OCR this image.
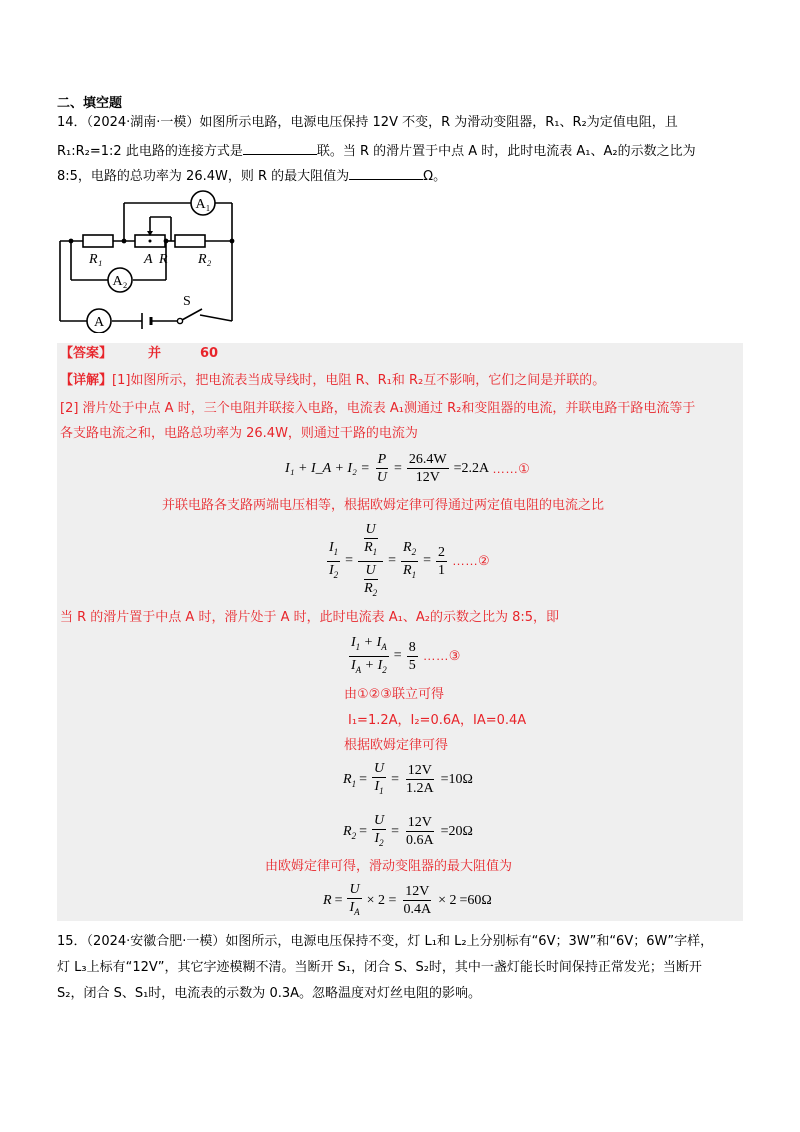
二、填空题
14．（2024·湖南·一模）如图所示电路，电源电压保持 12V 不变，R 为滑动变阻器，R₁、R₂为定值电阻，且
R₁:R₂=1:2 此电路的连接方式是	联。当 R 的滑片置于中点 A 时，此时电流表 A₁、A₂的示数之比为
8:5，电路的总功率为 26.4W，则 R 的最大阻值为	Ω。
A₁
A₂
A
R₁	A R R₂
S
【答案】	并	60
【详解】[1]如图所示，把电流表当成导线时，电阻 R、R₁和 R₂互不影响，它们之间是并联的。
[2] 滑片处于中点 A 时，三个电阻并联接入电路，电流表 A₁测通过 R₂和变阻器的电流，并联电路干路电流等于
各支路电流之和，电路总功率为 26.4W，则通过干路的电流为
I₁ + I_A + $I_2 = \frac{P}{U} = \frac{26.4W}{12V} =2.2A$ ……①
并联电路各支路两端电压相等，根据欧姆定律可得通过两定值电阻的电流之比
$\frac{I_1}{I_2} = \frac{\frac{U}{R_1}}{\frac{U}{R_2}} = \frac{R_2}{R_1} = \frac{2}{1}$ ……②
当 R 的滑片置于中点 A 时，滑片处于 A 时，此时电流表 A₁、A₂的示数之比为 8:5，即
$\frac{I_1 + I_A}{I_A + I_2} = \frac{8}{5}$ ……③
由①②③联立可得
I₁=1.2A，I₂=0.6A，IA=0.4A
根据欧姆定律可得
$R_1 = \frac{U}{I_1} = \frac{12V}{1.2A} =10\Omega$
$R_2 = \frac{U}{I_2} = \frac{12V}{0.6A} =20\Omega$
由欧姆定律可得，滑动变阻器的最大阻值为
$R = \frac{U}{I_A} \times 2 = \frac{12V}{0.4A} \times 2 =60\Omega$
15．（2024·安徽合肥·一模）如图所示，电源电压保持不变，灯 L₁和 L₂上分别标有“6V；3W”和“6V；6W”字样，
灯 L₃上标有“12V”，其它字迹模糊不清。当断开 S₁，闭合 S、S₂时，其中一盏灯能长时间保持正常发光；当断开
S₂，闭合 S、S₁时，电流表的示数为 0.3A。忽略温度对灯丝电阻的影响。
